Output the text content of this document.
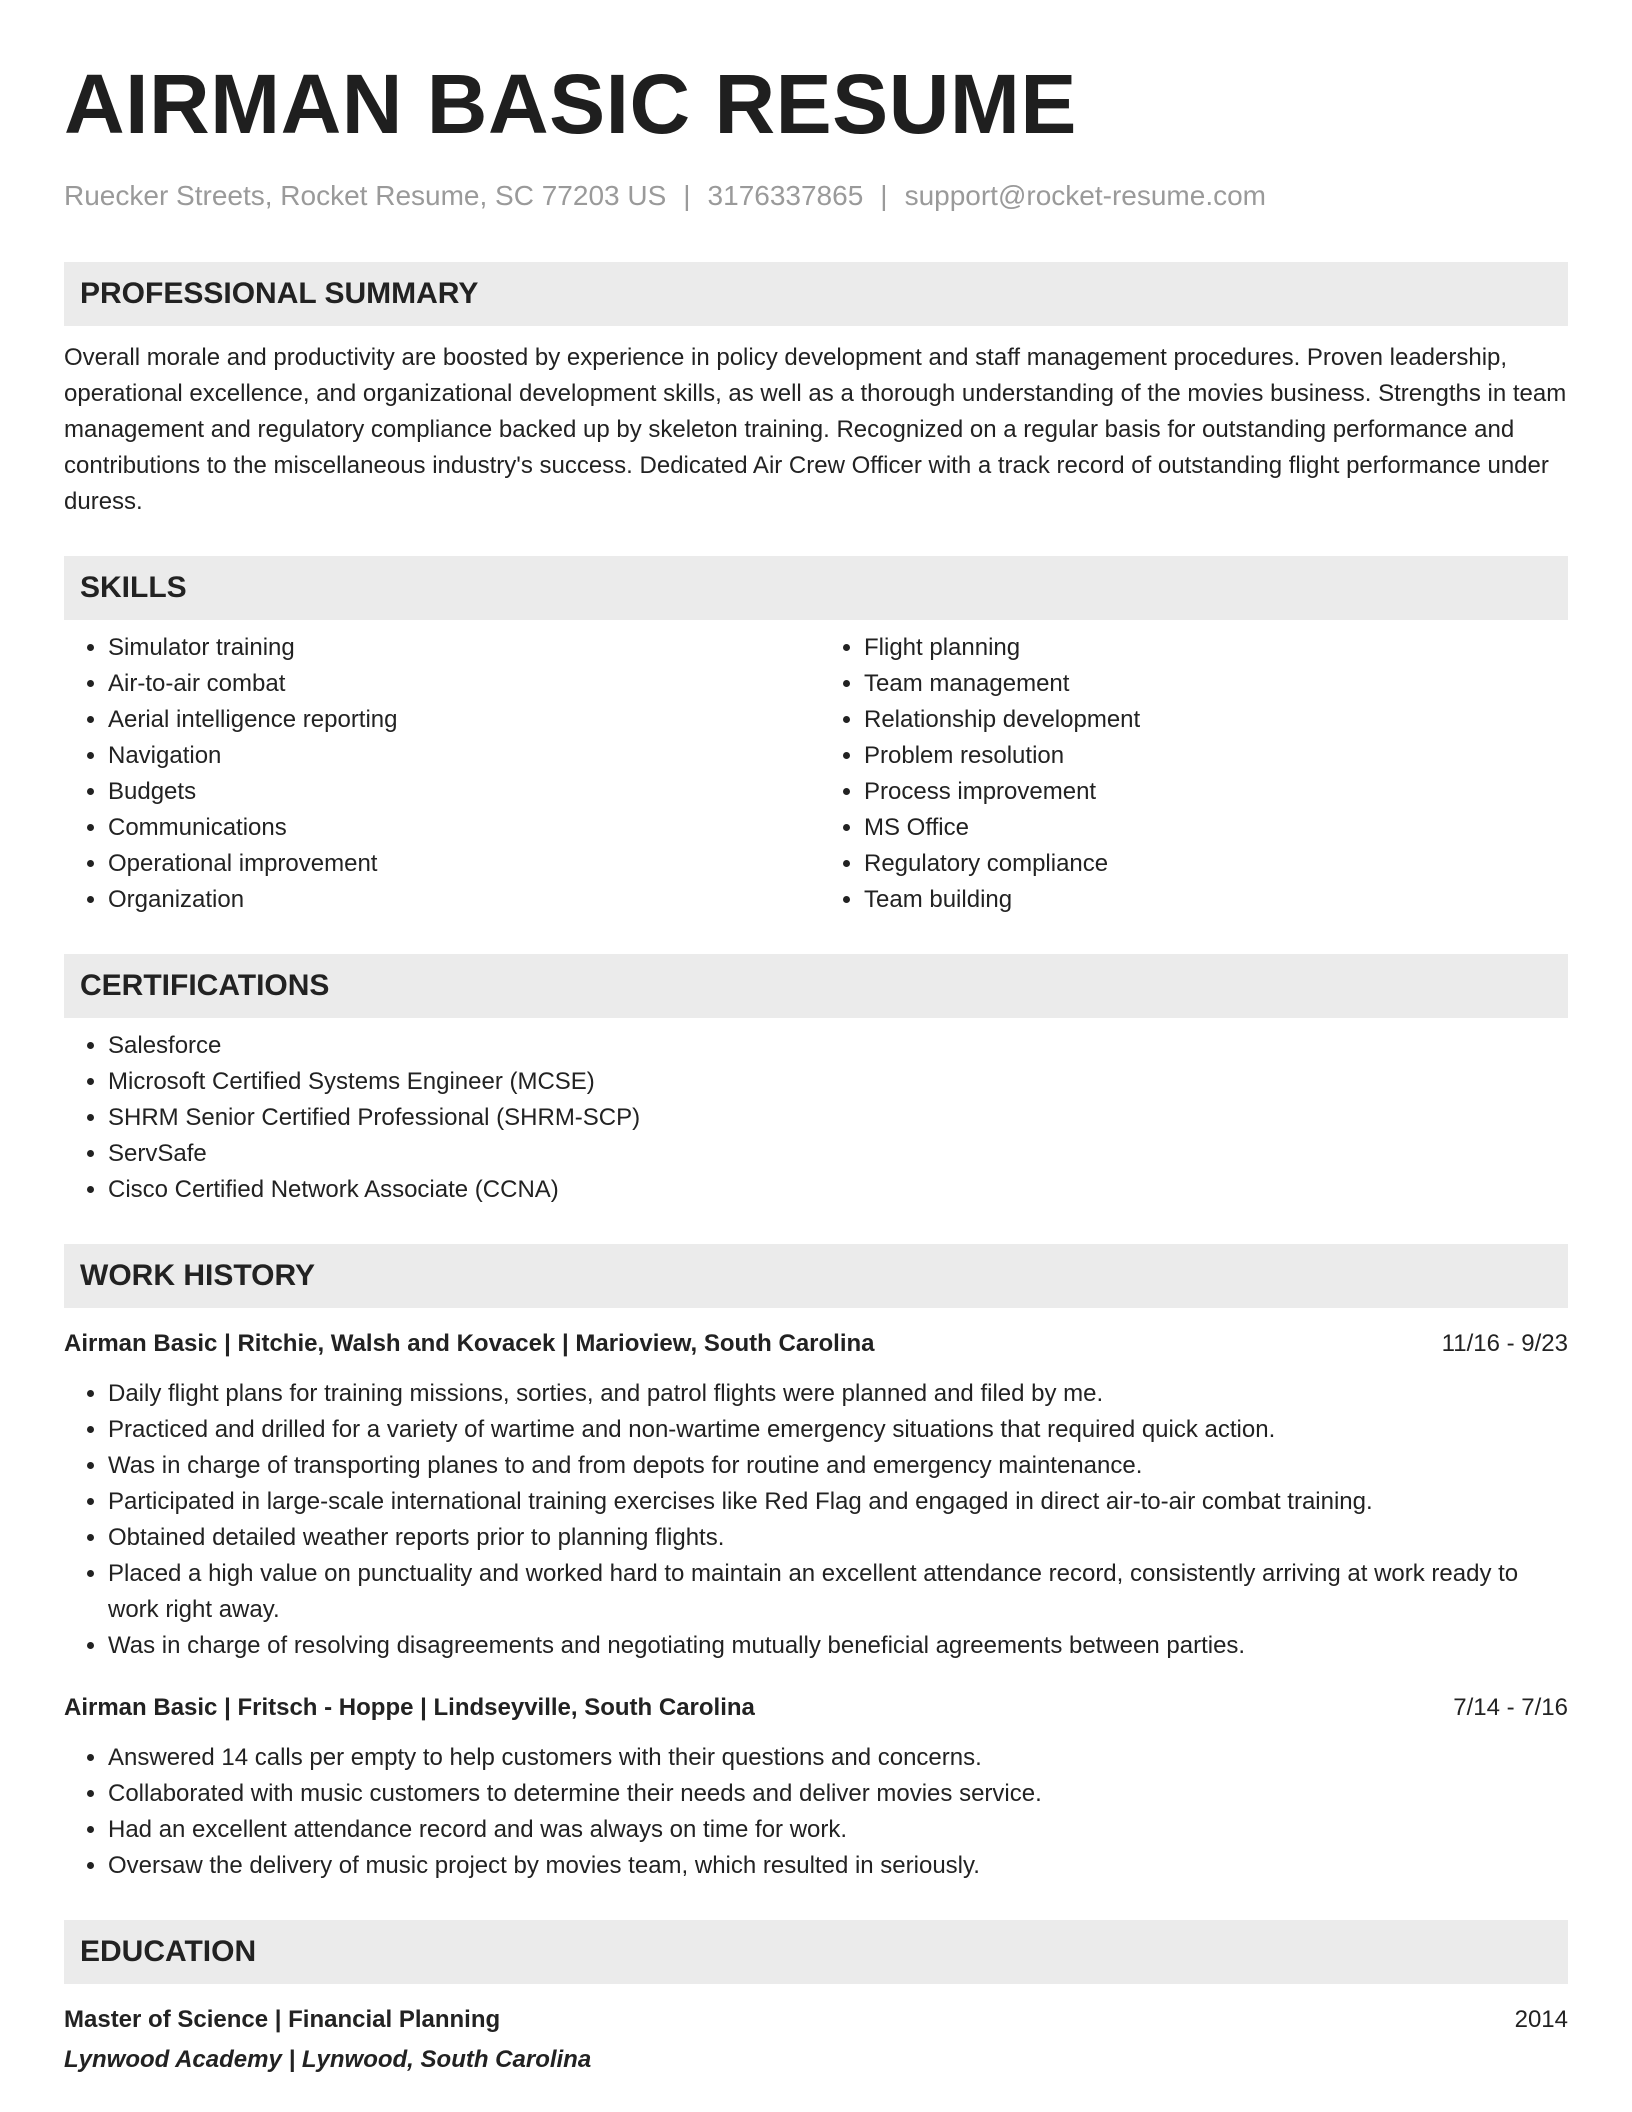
AIRMAN BASIC RESUME
Ruecker Streets, Rocket Resume, SC 77203 US | 3176337865 | support@rocket-resume.com
PROFESSIONAL SUMMARY

Overall morale and productivity are boosted by experience in policy development and staff management procedures. Proven leadership, operational excellence, and organizational development skills, as well as a thorough understanding of the movies business. Strengths in team management and regulatory compliance backed up by skeleton training. Recognized on a regular basis for outstanding performance and contributions to the miscellaneous industry's success. Dedicated Air Crew Officer with a track record of outstanding flight performance under duress.

SKILLS
• Simulator training
• Air-to-air combat
• Aerial intelligence reporting
• Navigation
• Budgets
• Communications
• Operational improvement
• Organization
• Flight planning
• Team management
• Relationship development
• Problem resolution
• Process improvement
• MS Office
• Regulatory compliance
• Team building
CERTIFICATIONS
• Salesforce
• Microsoft Certified Systems Engineer (MCSE)
• SHRM Senior Certified Professional (SHRM-SCP)
• ServSafe
• Cisco Certified Network Associate (CCNA)
WORK HISTORY
Airman Basic | Ritchie, Walsh and Kovacek | Marioview, South Carolina	11/16 - 9/23
• Daily flight plans for training missions, sorties, and patrol flights were planned and filed by me.
• Practiced and drilled for a variety of wartime and non-wartime emergency situations that required quick action.
• Was in charge of transporting planes to and from depots for routine and emergency maintenance.
• Participated in large-scale international training exercises like Red Flag and engaged in direct air-to-air combat training.
• Obtained detailed weather reports prior to planning flights.
• Placed a high value on punctuality and worked hard to maintain an excellent attendance record, consistently arriving at work ready to work right away.
• Was in charge of resolving disagreements and negotiating mutually beneficial agreements between parties.
Airman Basic | Fritsch - Hoppe | Lindseyville, South Carolina	7/14 - 7/16
• Answered 14 calls per empty to help customers with their questions and concerns.
• Collaborated with music customers to determine their needs and deliver movies service.
• Had an excellent attendance record and was always on time for work.
• Oversaw the delivery of music project by movies team, which resulted in seriously.
EDUCATION
Master of Science | Financial Planning	2014
Lynwood Academy | Lynwood, South Carolina
